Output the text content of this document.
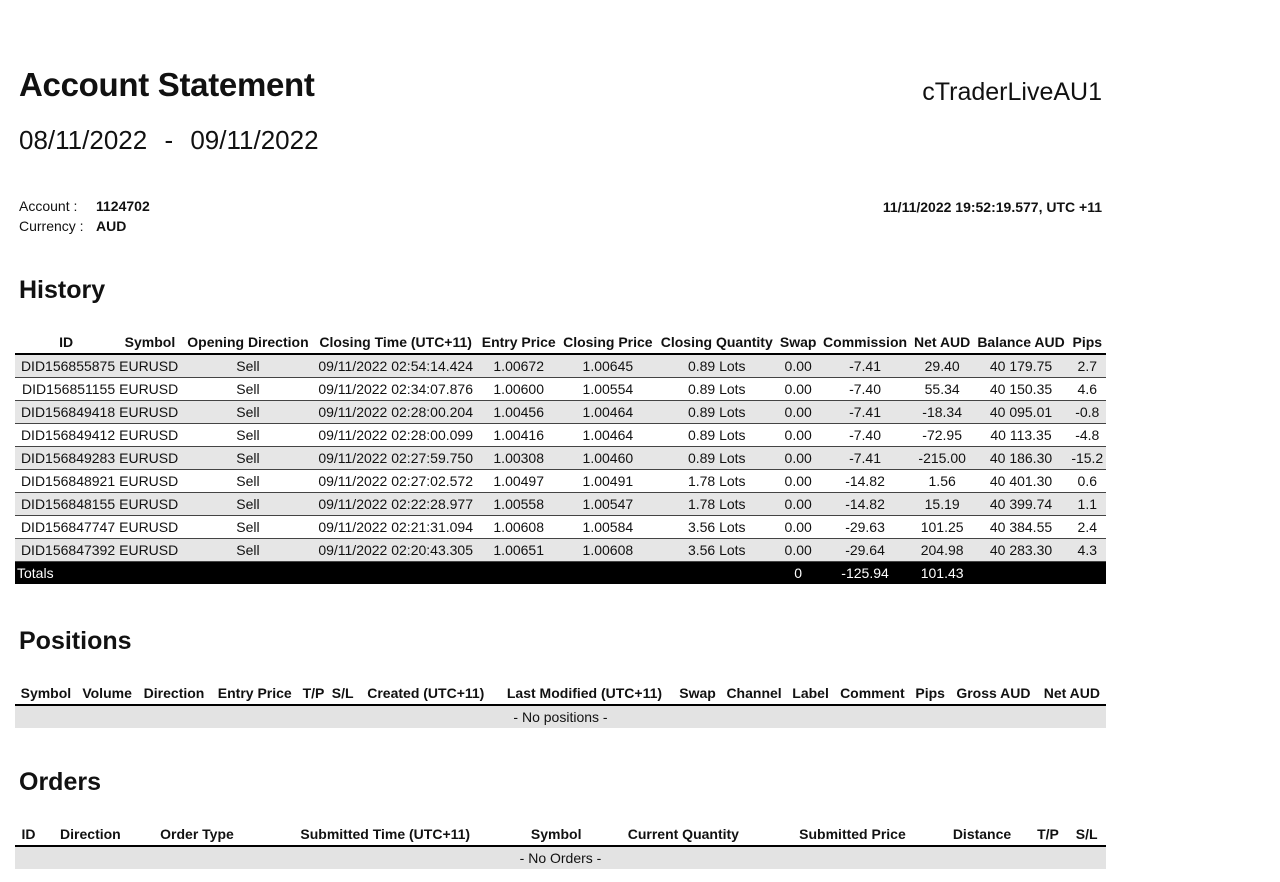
Account Statement	cTraderLiveAU1
08/11/2022 - 09/11/2022
Account : 1124702
Currency : AUD
11/11/2022 19:52:19.577, UTC +11
History
ID	Symbol	Opening Direction	Closing Time (UTC+11)	Entry Price	Closing Price	Closing Quantity	Swap	Commission	Net AUD	Balance AUD	Pips
DID156855875	EURUSD	Sell	09/11/2022 02:54:14.424	1.00672	1.00645	0.89 Lots	0.00	-7.41	29.40	40 179.75	2.7
DID156851155	EURUSD	Sell	09/11/2022 02:34:07.876	1.00600	1.00554	0.89 Lots	0.00	-7.40	55.34	40 150.35	4.6
DID156849418	EURUSD	Sell	09/11/2022 02:28:00.204	1.00456	1.00464	0.89 Lots	0.00	-7.41	-18.34	40 095.01	-0.8
DID156849412	EURUSD	Sell	09/11/2022 02:28:00.099	1.00416	1.00464	0.89 Lots	0.00	-7.40	-72.95	40 113.35	-4.8
DID156849283	EURUSD	Sell	09/11/2022 02:27:59.750	1.00308	1.00460	0.89 Lots	0.00	-7.41	-215.00	40 186.30	-15.2
DID156848921	EURUSD	Sell	09/11/2022 02:27:02.572	1.00497	1.00491	1.78 Lots	0.00	-14.82	1.56	40 401.30	0.6
DID156848155	EURUSD	Sell	09/11/2022 02:22:28.977	1.00558	1.00547	1.78 Lots	0.00	-14.82	15.19	40 399.74	1.1
DID156847747	EURUSD	Sell	09/11/2022 02:21:31.094	1.00608	1.00584	3.56 Lots	0.00	-29.63	101.25	40 384.55	2.4
DID156847392	EURUSD	Sell	09/11/2022 02:20:43.305	1.00651	1.00608	3.56 Lots	0.00	-29.64	204.98	40 283.30	4.3
Totals							0	-125.94	101.43		
Positions
Symbol	Volume	Direction	Entry Price	T/P	S/L	Created (UTC+11)	Last Modified (UTC+11)	Swap	Channel	Label	Comment	Pips	Gross AUD	Net AUD
- No positions -
Orders
ID	Direction	Order Type	Submitted Time (UTC+11)	Symbol	Current Quantity	Submitted Price	Distance	T/P	S/L
- No Orders -
